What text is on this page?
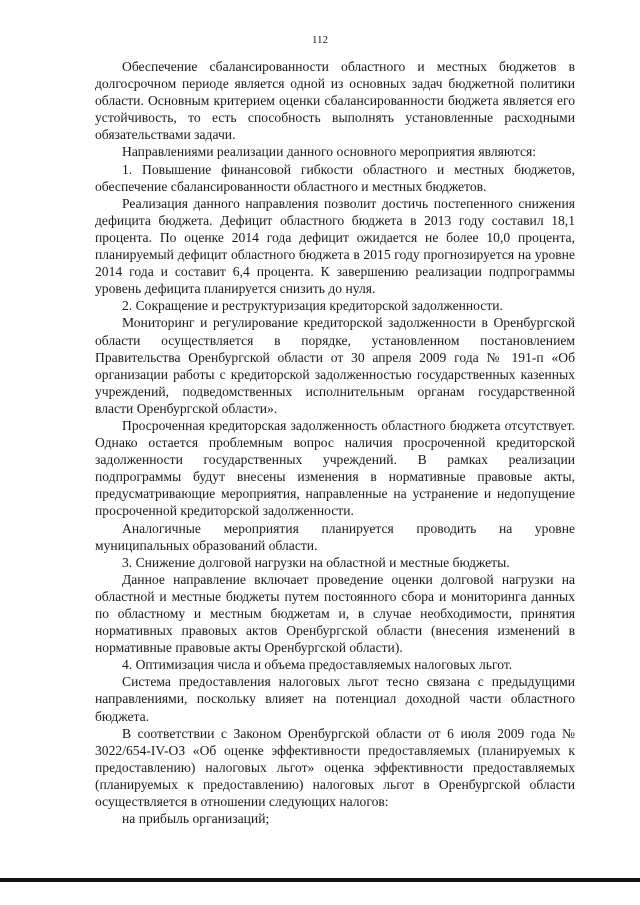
112

Обеспечение сбалансированности областного и местных бюджетов в долгосрочном периоде является одной из основных задач бюджетной политики области. Основным критерием оценки сбалансированности бюджета является его устойчивость, то есть способность выполнять установленные расходными обязательствами задачи.

Направлениями реализации данного основного мероприятия являются:

1. Повышение финансовой гибкости областного и местных бюджетов, обеспечение сбалансированности областного и местных бюджетов.

Реализация данного направления позволит достичь постепенного снижения дефицита бюджета. Дефицит областного бюджета в 2013 году составил 18,1 процента. По оценке 2014 года дефицит ожидается не более 10,0 процента, планируемый дефицит областного бюджета в 2015 году прогнозируется на уровне 2014 года и составит 6,4 процента. К завершению реализации подпрограммы уровень дефицита планируется снизить до нуля.

2. Сокращение и реструктуризация кредиторской задолженности.

Мониторинг и регулирование кредиторской задолженности в Оренбургской области осуществляется в порядке, установленном постановлением Правительства Оренбургской области от 30 апреля 2009 года № 191-п «Об организации работы с кредиторской задолженностью государственных казенных учреждений, подведомственных исполнительным органам государственной власти Оренбургской области».

Просроченная кредиторская задолженность областного бюджета отсутствует. Однако остается проблемным вопрос наличия просроченной кредиторской задолженности государственных учреждений. В рамках реализации подпрограммы будут внесены изменения в нормативные правовые акты, предусматривающие мероприятия, направленные на устранение и недопущение просроченной кредиторской задолженности.

Аналогичные мероприятия планируется проводить на уровне муниципальных образований области.

3. Снижение долговой нагрузки на областной и местные бюджеты.

Данное направление включает проведение оценки долговой нагрузки на областной и местные бюджеты путем постоянного сбора и мониторинга данных по областному и местным бюджетам и, в случае необходимости, принятия нормативных правовых актов Оренбургской области (внесения изменений в нормативные правовые акты Оренбургской области).

4. Оптимизация числа и объема предоставляемых налоговых льгот.

Система предоставления налоговых льгот тесно связана с предыдущими направлениями, поскольку влияет на потенциал доходной части областного бюджета.

В соответствии с Законом Оренбургской области от 6 июля 2009 года № 3022/654-IV-ОЗ «Об оценке эффективности предоставляемых (планируемых к предоставлению) налоговых льгот» оценка эффективности предоставляемых (планируемых к предоставлению) налоговых льгот в Оренбургской области осуществляется в отношении следующих налогов:

на прибыль организаций;
